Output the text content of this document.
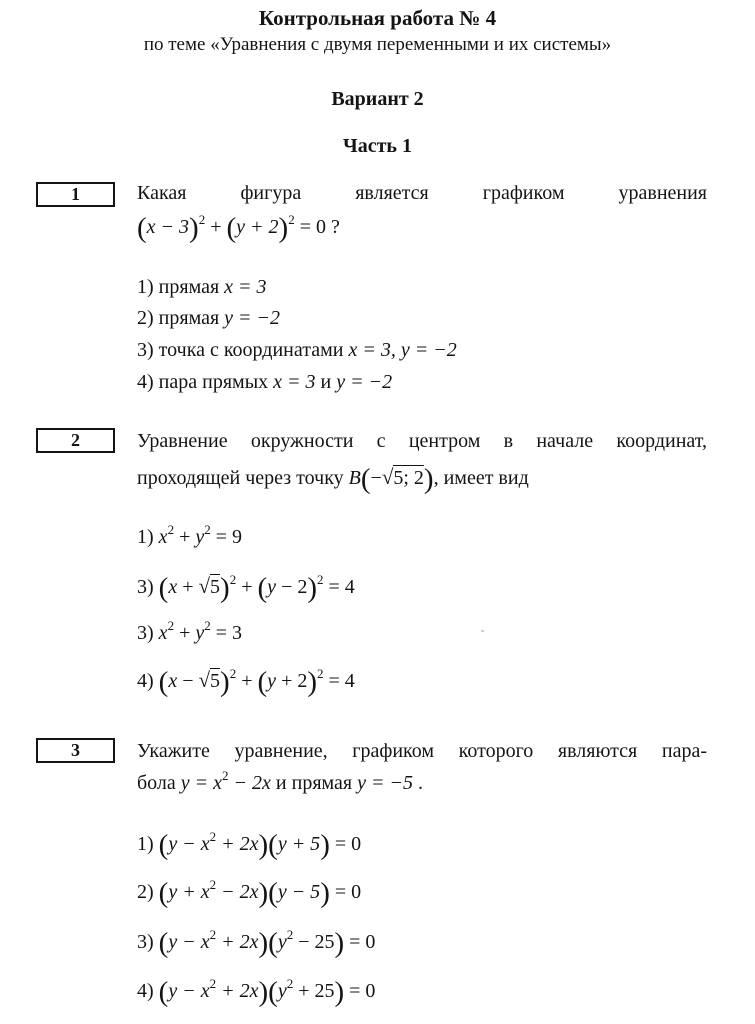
Контрольная работа № 4
по теме «Уравнения с двумя переменными и их системы»
Вариант 2
Часть 1
1	Какая фигура является графиком уравнения
$(x - 3)^2 + (y + 2)^2 = 0$ ?
1) прямая x = 3
2) прямая y = −2
3) точка с координатами x = 3, y = −2
4) пара прямых x = 3 и y = −2
2	Уравнение окружности с центром в начале координат,
проходящей через точку B(−√5; 2), имеет вид
1) $x^2 + y^2 = 9$
3) $(x + √5)^2 + (y - 2)^2 = 4$
3) $x^2 + y^2 = 3$
4) $(x - √5)^2 + (y + 2)^2 = 4$
3	Укажите уравнение, графиком которого являются пара-
бола $y = x^2 - 2x$ и прямая y = −5 .
1) $(y - x^2 + 2x)(y + 5) = 0$
2) $(y + x^2 - 2x)(y - 5) = 0$
3) $(y - x^2 + 2x)(y^2 - 25) = 0$
4) $(y - x^2 + 2x)(y^2 + 25) = 0$
